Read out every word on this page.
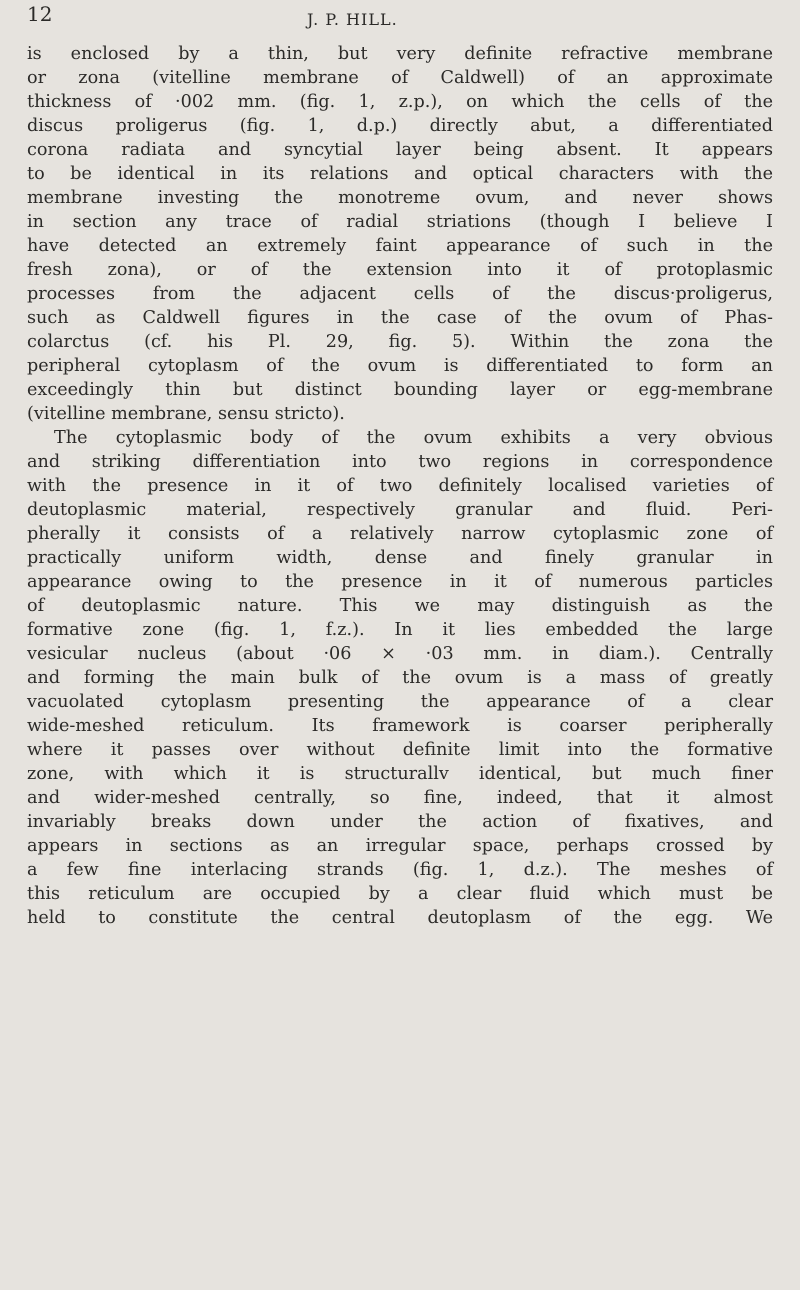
12	J. P. HILL.
is enclosed by a thin, but very definite refractive membrane
or zona (vitelline membrane of Caldwell) of an approximate
thickness of ·002 mm. (fig. 1, z.p.), on which the cells of the
discus proligerus (fig. 1, d.p.) directly abut, a differentiated
corona radiata and syncytial layer being absent. It appears
to be identical in its relations and optical characters with the
membrane investing the monotreme ovum, and never shows
in section any trace of radial striations (though I believe I
have detected an extremely faint appearance of such in the
fresh zona), or of the extension into it of protoplasmic
processes from the adjacent cells of the discus·proligerus,
such as Caldwell figures in the case of the ovum of Phas-
colarctus (cf. his Pl. 29, fig. 5). Within the zona the
peripheral cytoplasm of the ovum is differentiated to form an
exceedingly thin but distinct bounding layer or egg-membrane
(vitelline membrane, sensu stricto).
The cytoplasmic body of the ovum exhibits a very obvious
and striking differentiation into two regions in correspondence
with the presence in it of two definitely localised varieties of
deutoplasmic material, respectively granular and fluid. Peri-
pherally it consists of a relatively narrow cytoplasmic zone of
practically uniform width, dense and finely granular in
appearance owing to the presence in it of numerous particles
of deutoplasmic nature. This we may distinguish as the
formative zone (fig. 1, f.z.). In it lies embedded the large
vesicular nucleus (about ·06 × ·03 mm. in diam.). Centrally
and forming the main bulk of the ovum is a mass of greatly
vacuolated cytoplasm presenting the appearance of a clear
wide-meshed reticulum. Its framework is coarser peripherally
where it passes over without definite limit into the formative
zone, with which it is structurallv identical, but much finer
and wider-meshed centrally, so fine, indeed, that it almost
invariably breaks down under the action of fixatives, and
appears in sections as an irregular space, perhaps crossed by
a few fine interlacing strands (fig. 1, d.z.). The meshes of
this reticulum are occupied by a clear fluid which must be
held to constitute the central deutoplasm of the egg. We
